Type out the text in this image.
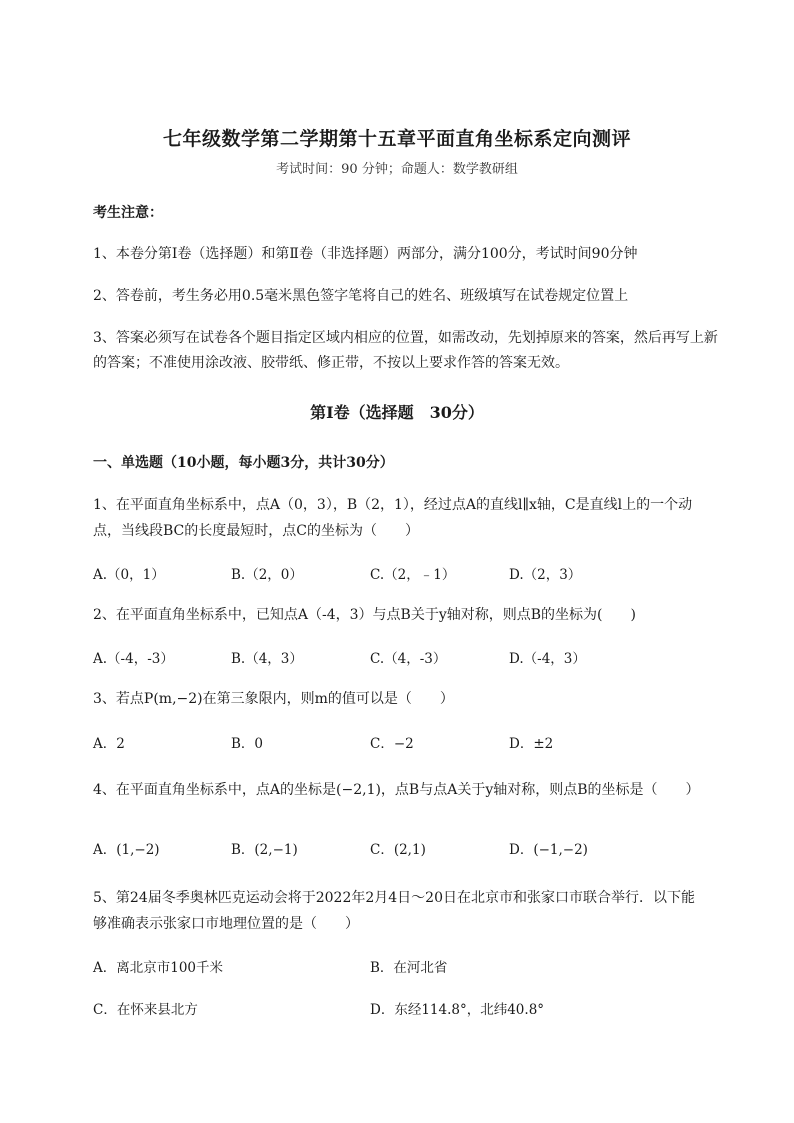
七年级数学第二学期第十五章平面直角坐标系定向测评
考试时间：90 分钟；命题人：数学教研组
考生注意：
1、本卷分第Ⅰ卷（选择题）和第Ⅱ卷（非选择题）两部分，满分100分，考试时间90分钟
2、答卷前，考生务必用0.5毫米黑色签字笔将自己的姓名、班级填写在试卷规定位置上
3、答案必须写在试卷各个题目指定区域内相应的位置，如需改动，先划掉原来的答案，然后再写上新
的答案；不准使用涂改液、胶带纸、修正带，不按以上要求作答的答案无效。
第Ⅰ卷（选择题　30分）
一、单选题（10小题，每小题3分，共计30分）
1、在平面直角坐标系中，点A（0，3），B（2，1），经过点A的直线l∥x轴，C是直线l上的一个动
点，当线段BC的长度最短时，点C的坐标为（　　）
A.（0，1）	B.（2，0）	C.（2，﹣1）	D.（2，3）
2、在平面直角坐标系中，已知点A（-4，3）与点B关于y轴对称，则点B的坐标为(　　)
A.（-4，-3）	B.（4，3）	C.（4，-3）	D.（-4，3）
3、若点P(m,−2)在第三象限内，则m的值可以是（　　）
A．2	B．0	C．−2	D．±2
4、在平面直角坐标系中，点A的坐标是(−2,1)，点B与点A关于y轴对称，则点B的坐标是（　　）
A．(1,−2)	B．(2,−1)	C．(2,1)	D．(−1,−2)
5、第24届冬季奥林匹克运动会将于2022年2月4日～20日在北京市和张家口市联合举行．以下能
够准确表示张家口市地理位置的是（　　）
A．离北京市100千米	B．在河北省
C．在怀来县北方	D．东经114.8°，北纬40.8°
